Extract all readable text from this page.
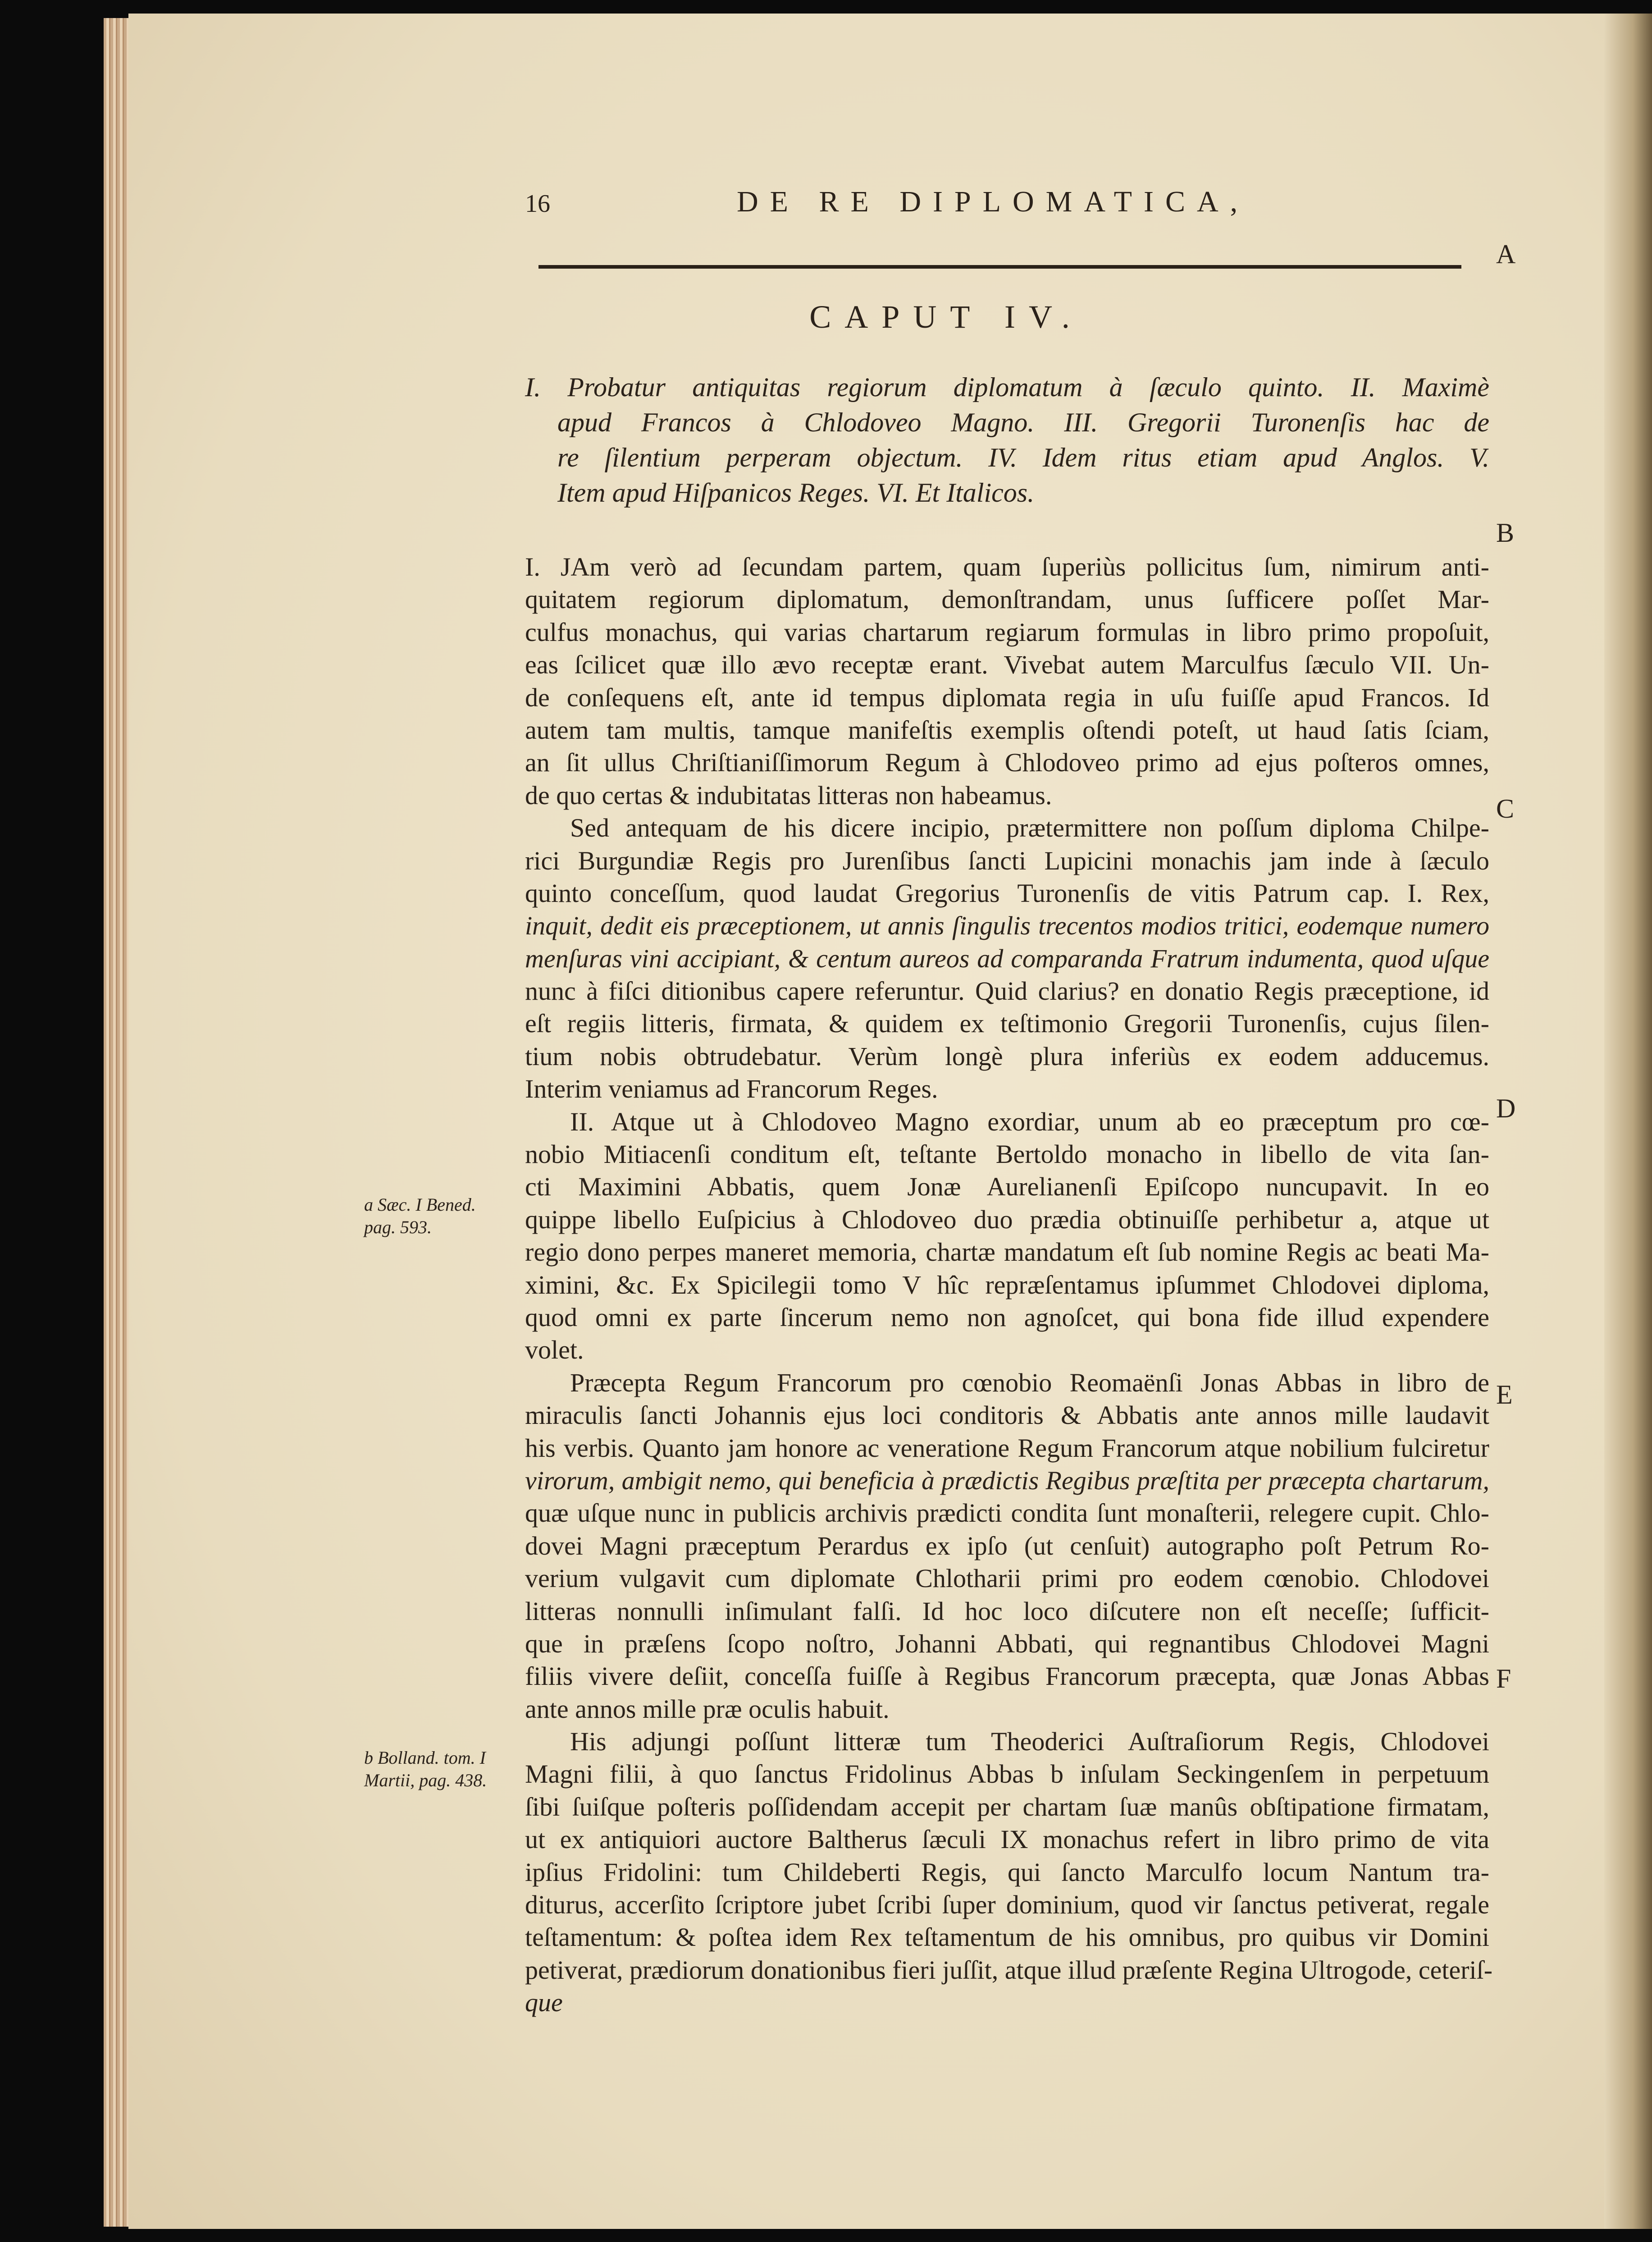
16	DE RE DIPLOMATICA,
A
B
C
D
E
F
CAPUT IV.
I. Probatur antiquitas regiorum diplomatum à ſæculo quinto. II. Maximè
apud Francos à Chlodoveo Magno. III. Gregorii Turonenſis hac de
re ſilentium perperam objectum. IV. Idem ritus etiam apud Anglos. V.
Item apud Hiſpanicos Reges. VI. Et Italicos.
I. JAm verò ad ſecundam partem, quam ſuperiùs pollicitus ſum, nimirum anti-
quitatem regiorum diplomatum, demonſtrandam, unus ſufficere poſſet Mar-
culfus monachus, qui varias chartarum regiarum formulas in libro primo propoſuit,
eas ſcilicet quæ illo ævo receptæ erant. Vivebat autem Marculfus ſæculo VII. Un-
de conſequens eſt, ante id tempus diplomata regia in uſu fuiſſe apud Francos. Id
autem tam multis, tamque manifeſtis exemplis oſtendi poteſt, ut haud ſatis ſciam,
an ſit ullus Chriſtianiſſimorum Regum à Chlodoveo primo ad ejus poſteros omnes,
de quo certas & indubitatas litteras non habeamus.
Sed antequam de his dicere incipio, prætermittere non poſſum diploma Chilpe-
rici Burgundiæ Regis pro Jurenſibus ſancti Lupicini monachis jam inde à ſæculo
quinto conceſſum, quod laudat Gregorius Turonenſis de vitis Patrum cap. I. Rex,
inquit, dedit eis præceptionem, ut annis ſingulis trecentos modios tritici, eodemque numero
menſuras vini accipiant, & centum aureos ad comparanda Fratrum indumenta, quod uſque
nunc à fiſci ditionibus capere referuntur. Quid clarius? en donatio Regis præceptione, id
eſt regiis litteris, firmata, & quidem ex teſtimonio Gregorii Turonenſis, cujus ſilen-
tium nobis obtrudebatur. Verùm longè plura inferiùs ex eodem adducemus.
Interim veniamus ad Francorum Reges.
II. Atque ut à Chlodoveo Magno exordiar, unum ab eo præceptum pro cœ-
nobio Mitiacenſi conditum eſt, teſtante Bertoldo monacho in libello de vita ſan-
cti Maximini Abbatis, quem Jonæ Aurelianenſi Epiſcopo nuncupavit. In eo
quippe libello Euſpicius à Chlodoveo duo prædia obtinuiſſe perhibetur a, atque ut
regio dono perpes maneret memoria, chartæ mandatum eſt ſub nomine Regis ac beati Ma-
ximini, &c. Ex Spicilegii tomo V hîc repræſentamus ipſummet Chlodovei diploma,
quod omni ex parte ſincerum nemo non agnoſcet, qui bona fide illud expendere
volet.
Præcepta Regum Francorum pro cœnobio Reomaënſi Jonas Abbas in libro de
miraculis ſancti Johannis ejus loci conditoris & Abbatis ante annos mille laudavit
his verbis. Quanto jam honore ac veneratione Regum Francorum atque nobilium fulciretur
virorum, ambigit nemo, qui beneficia à prædictis Regibus præſtita per præcepta chartarum,
quæ uſque nunc in publicis archivis prædicti condita ſunt monaſterii, relegere cupit. Chlo-
dovei Magni præceptum Perardus ex ipſo (ut cenſuit) autographo poſt Petrum Ro-
verium vulgavit cum diplomate Chlotharii primi pro eodem cœnobio. Chlodovei
litteras nonnulli inſimulant falſi. Id hoc loco diſcutere non eſt neceſſe; ſufficit-
que in præſens ſcopo noſtro, Johanni Abbati, qui regnantibus Chlodovei Magni
filiis vivere deſiit, conceſſa fuiſſe à Regibus Francorum præcepta, quæ Jonas Abbas
ante annos mille præ oculis habuit.
His adjungi poſſunt litteræ tum Theoderici Auſtraſiorum Regis, Chlodovei
Magni filii, à quo ſanctus Fridolinus Abbas b inſulam Seckingenſem in perpetuum
ſibi ſuiſque poſteris poſſidendam accepit per chartam ſuæ manûs obſtipatione firmatam,
ut ex antiquiori auctore Baltherus ſæculi IX monachus refert in libro primo de vita
ipſius Fridolini: tum Childeberti Regis, qui ſancto Marculfo locum Nantum tra-
diturus, accerſito ſcriptore jubet ſcribi ſuper dominium, quod vir ſanctus petiverat, regale
teſtamentum: & poſtea idem Rex teſtamentum de his omnibus, pro quibus vir Domini
petiverat, prædiorum donationibus fieri juſſit, atque illud præſente Regina Ultrogode, ceteriſ-
que
a Sæc. I Bened.
pag. 593.
b Bolland. tom. I
Martii, pag. 438.
